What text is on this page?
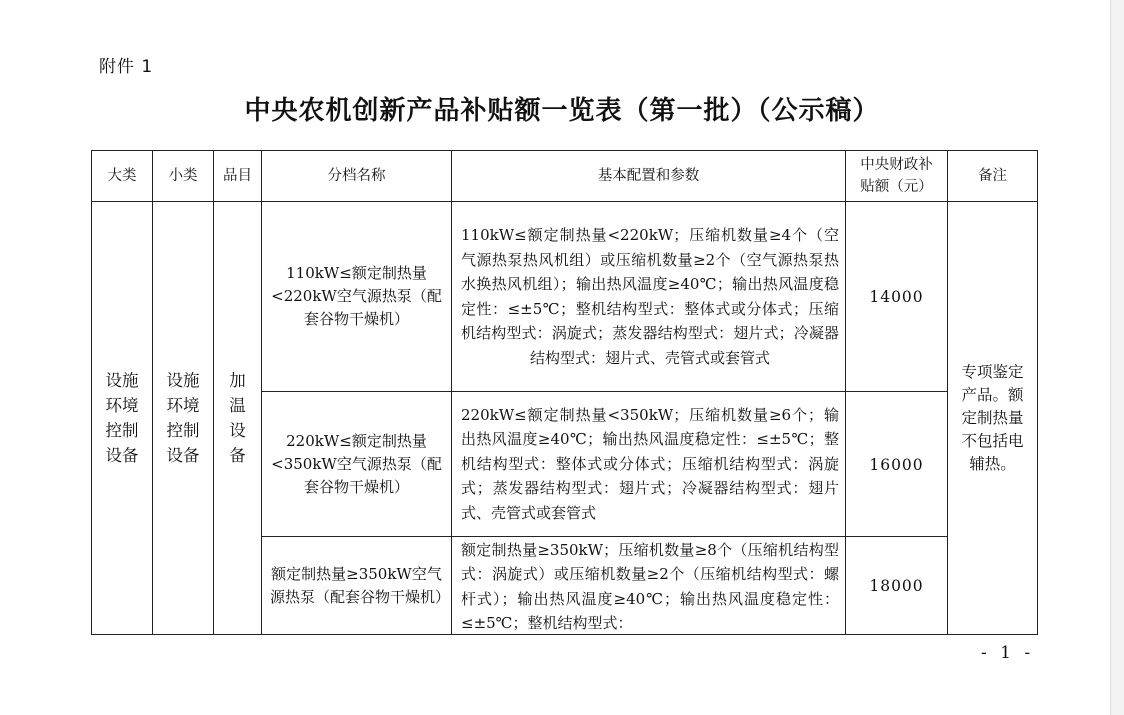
附件 1
中央农机创新产品补贴额一览表（第一批）（公示稿）
大类	小类	品目	分档名称	基本配置和参数	中央财政补贴额（元）	备注
设施环境控制设备	设施环境控制设备	加温设备	110kW≤额定制热量<220kW空气源热泵（配套谷物干燥机）	110kW≤额定制热量<220kW；压缩机数量≥4个（空气源热泵热风机组）或压缩机数量≥2个（空气源热泵热水换热风机组）；输出热风温度≥40℃；输出热风温度稳定性：≤±5℃；整机结构型式：整体式或分体式；压缩机结构型式：涡旋式；蒸发器结构型式：翅片式；冷凝器结构型式：翅片式、壳管式或套管式	14000	专项鉴定产品。额定制热量不包括电辅热。

			220kW≤额定制热量<350kW空气源热泵（配套谷物干燥机）	220kW≤额定制热量<350kW；压缩机数量≥6个；输出热风温度≥40℃；输出热风温度稳定性：≤±5℃；整机结构型式：整体式或分体式；压缩机结构型式：涡旋式；蒸发器结构型式：翅片式；冷凝器结构型式：翅片式、壳管式或套管式	16000	

			额定制热量≥350kW空气源热泵（配套谷物干燥机）	额定制热量≥350kW；压缩机数量≥8个（压缩机结构型式：涡旋式）或压缩机数量≥2个（压缩机结构型式：螺杆式）；输出热风温度≥40℃；输出热风温度稳定性：≤±5℃；整机结构型式：	18000	
- 1 -
